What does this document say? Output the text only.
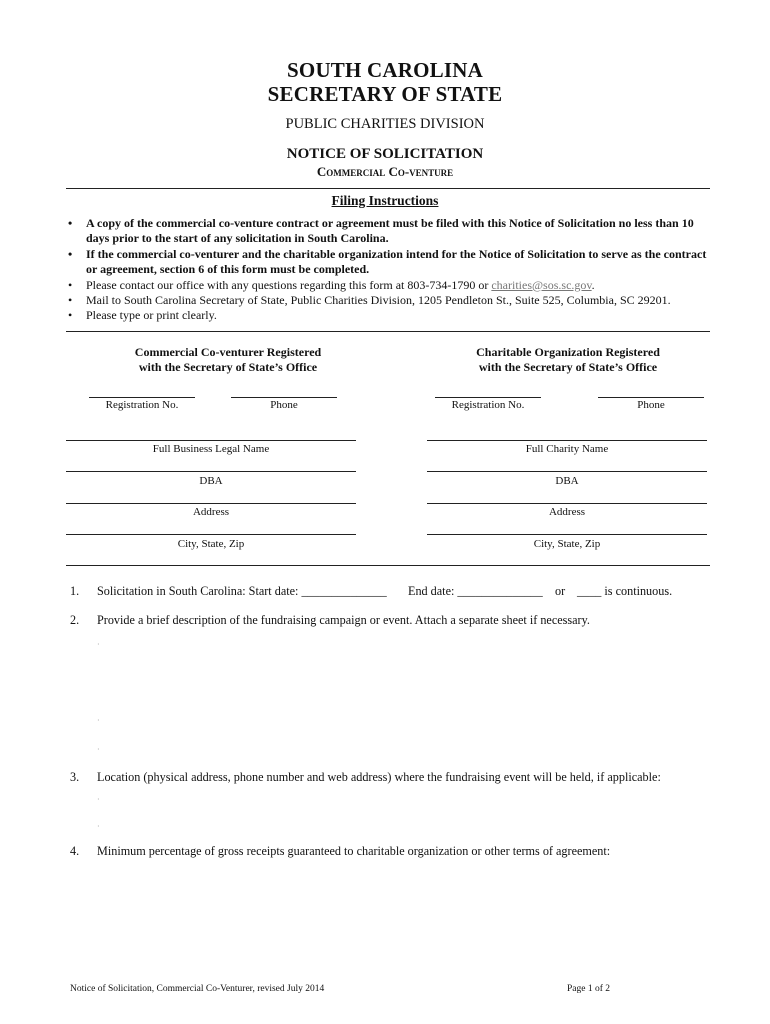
SOUTH CAROLINA
SECRETARY OF STATE
PUBLIC CHARITIES DIVISION
NOTICE OF SOLICITATION
Commercial Co-venture
Filing Instructions
• A copy of the commercial co-venture contract or agreement must be filed with this Notice of Solicitation no less than 10 days prior to the start of any solicitation in South Carolina.
• If the commercial co-venturer and the charitable organization intend for the Notice of Solicitation to serve as the contract or agreement, section 6 of this form must be completed.
• Please contact our office with any questions regarding this form at 803-734-1790 or charities@sos.sc.gov.
• Mail to South Carolina Secretary of State, Public Charities Division, 1205 Pendleton St., Suite 525, Columbia, SC 29201.
• Please type or print clearly.
Commercial Co-venturer Registered
with the Secretary of State’s Office
Registration No.	Phone
Full Business Legal Name
DBA
Address
City, State, Zip
Charitable Organization Registered
with the Secretary of State’s Office
Registration No.	Phone
Full Charity Name
DBA
Address
City, State, Zip
1. Solicitation in South Carolina: Start date: ______________ End date: ______________ or ____ is continuous.
2. Provide a brief description of the fundraising campaign or event. Attach a separate sheet if necessary.
·
·
·
3. Location (physical address, phone number and web address) where the fundraising event will be held, if applicable:
·
·
4. Minimum percentage of gross receipts guaranteed to charitable organization or other terms of agreement:
Notice of Solicitation, Commercial Co-Venturer, revised July 2014	Page 1 of 2
